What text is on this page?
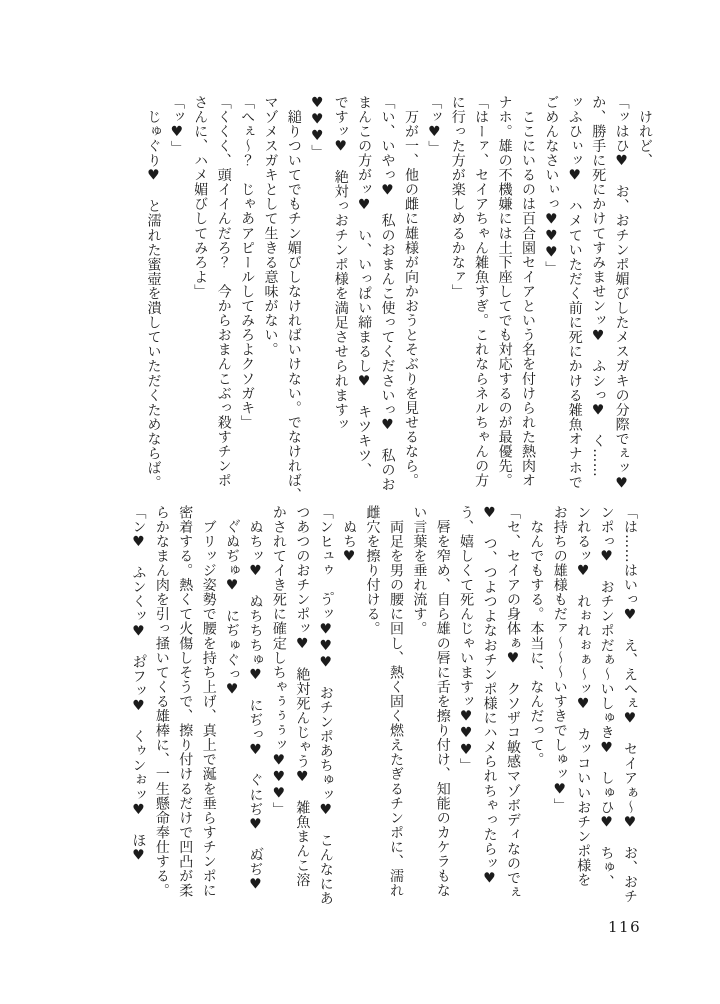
　けれど、
「ッはひ♥　お、おチンポ媚びしたメスガキの分際でぇッ♥
か、勝手に死にかけてすみませンッ♥　ふシっ♥　く……
ッふひぃッ♥　ハメていただく前に死にかける雑魚オナホで
ごめんなさいぃっ♥♥♥」
　ここにいるのは百合園セイアという名を付けられた熱肉オ
ナホ。雄の不機嫌には土下座してでも対応するのが最優先。
「はーァ、セイアちゃん雑魚すぎ。これならネルちゃんの方
に行った方が楽しめるかなァ」
「ッ♥」
　万が一、他の雌に雄様が向かおうとそぶりを見せるなら。
「い、いやっ♥　私のおまんこ使ってくださいっ♥　私のお
まんこの方がッ♥　い、いっぱい締まるし♥　キツキツ、
ですッ♥　絶対っおチンポ様を満足させられますッ
♥♥♥」
　縋りついてでもチン媚びしなければいけない。でなければ、
マゾメスガキとして生きる意味がない。
「へぇ〜？　じゃあアピールしてみろよクソガキ」
「くくく、頭イイんだろ？　今からおまんこぶっ殺すチンポ
さんに、ハメ媚びしてみろよ」
「ッ♥」
　じゅぐり♥　と濡れた蜜壺を潰していただくためならば。
「は……はいっ♥　え、えへぇ♥　セイアぁ〜♥　お、おチ
ンポっ♥　おチンポだぁ〜いしゅき♥　しゅひ♥　ちゅ、
ンれるッ♥　れぉれぉぁ〜ッ♥　カッコいいおチンポ様を
お持ちの雄様もだァ〜〜〜いすきでしゅッ♥」
　なんでもする。本当に、なんだって。
「セ、セイアの身体ぁ♥　クソザコ敏感マゾボディなのでぇ
♥　つ、つよつよなおチンポ様にハメられちゃったらッ♥
う、嬉しくて死んじゃいますッ♥♥♥」
　唇を窄め、自ら雄の唇に舌を擦り付け、知能のカケラもな
い言葉を垂れ流す。
　両足を男の腰に回し、熱く固く燃えたぎるチンポに、濡れ
雌穴を擦り付ける。
　ぬち♥
「ンヒュゥ　う゚ッ♥♥♥　おチンポあちゅッ♥　こんなにあ
つあつのおチンポッ♥　絶対死んじゃう♥　雑魚まんこ溶
かされてイき死に確定しちゃぅぅぅッ♥♥♥」
　ぬちッ♥　ぬちちちゅ♥　にぢっ♥　ぐにぢ♥　ぬ゙ぢ♥
　ぐ゙ぬぢゅ♥　にぢゅぐっ♥
　ブリッジ姿勢で腰を持ち上げ、真上で涎を垂らすチンポに
密着する。熱くて火傷しそうで、擦り付けるだけで凹凸が柔
らかなまん肉を引っ掻いてくる雄棒に、一生懸命奉仕する。
「ン♥　ふンくッ♥　お゚フッ♥　くゥンぉッ♥　ほ♥
116
